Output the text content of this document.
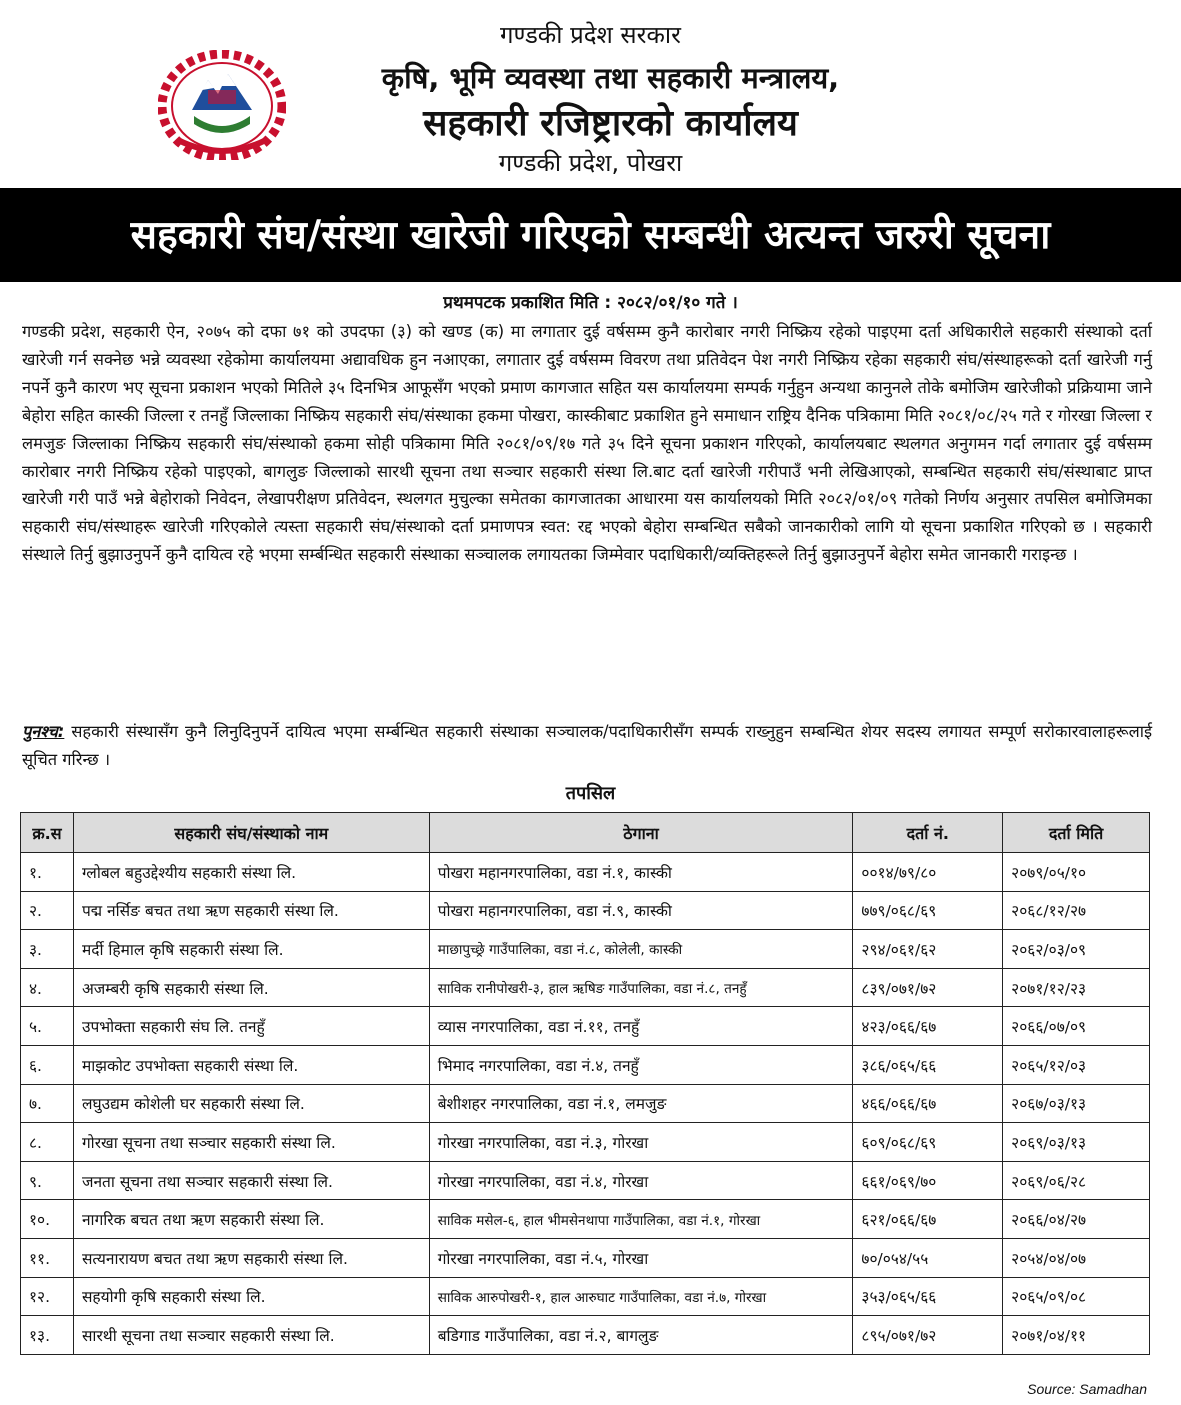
गण्डकी प्रदेश सरकार
कृषि, भूमि व्यवस्था तथा सहकारी मन्त्रालय,
सहकारी रजिष्ट्रारको कार्यालय
गण्डकी प्रदेश, पोखरा
सहकारी संघ/संस्था खारेजी गरिएको सम्बन्धी अत्यन्त जरुरी सूचना
प्रथमपटक प्रकाशित मिति : २०८२/०१/१० गते ।
गण्डकी प्रदेश, सहकारी ऐन, २०७५ को दफा ७१ को उपदफा (३) को खण्ड (क) मा लगातार दुई वर्षसम्म कुनै कारोबार नगरी निष्क्रिय रहेको पाइएमा दर्ता अधिकारीले सहकारी संस्थाको दर्ता खारेजी गर्न सक्नेछ भन्ने व्यवस्था रहेकोमा कार्यालयमा अद्यावधिक हुन नआएका, लगातार दुई वर्षसम्म विवरण तथा प्रतिवेदन पेश नगरी निष्क्रिय रहेका सहकारी संघ/संस्थाहरूको दर्ता खारेजी गर्नु नपर्ने कुनै कारण भए सूचना प्रकाशन भएको मितिले ३५ दिनभित्र आफूसँग भएको प्रमाण कागजात सहित यस कार्यालयमा सम्पर्क गर्नुहुन अन्यथा कानुनले तोके बमोजिम खारेजीको प्रक्रियामा जाने बेहोरा सहित कास्की जिल्ला र तनहुँ जिल्लाका निष्क्रिय सहकारी संघ/संस्थाका हकमा पोखरा, कास्कीबाट प्रकाशित हुने समाधान राष्ट्रिय दैनिक पत्रिकामा मिति २०८१/०८/२५ गते र गोरखा जिल्ला र लमजुङ जिल्लाका निष्क्रिय सहकारी संघ/संस्थाको हकमा सोही पत्रिकामा मिति २०८१/०९/१७ गते ३५ दिने सूचना प्रकाशन गरिएको, कार्यालयबाट स्थलगत अनुगमन गर्दा लगातार दुई वर्षसम्म कारोबार नगरी निष्क्रिय रहेको पाइएको, बागलुङ जिल्लाको सारथी सूचना तथा सञ्चार सहकारी संस्था लि.बाट दर्ता खारेजी गरीपाउँ भनी लेखिआएको, सम्बन्धित सहकारी संघ/संस्थाबाट प्राप्त खारेजी गरी पाउँ भन्ने बेहोराको निवेदन, लेखापरीक्षण प्रतिवेदन, स्थलगत मुचुल्का समेतका कागजातका आधारमा यस कार्यालयको मिति २०८२/०१/०९ गतेको निर्णय अनुसार तपसिल बमोजिमका सहकारी संघ/संस्थाहरू खारेजी गरिएकोले त्यस्ता सहकारी संघ/संस्थाको दर्ता प्रमाणपत्र स्वत: रद्द भएको बेहोरा सम्बन्धित सबैको जानकारीको लागि यो सूचना प्रकाशित गरिएको छ । सहकारी संस्थाले तिर्नु बुझाउनुपर्ने कुनै दायित्व रहे भएमा सर्म्बन्धित सहकारी संस्थाका सञ्चालक लगायतका जिम्मेवार पदाधिकारी/व्यक्तिहरूले तिर्नु बुझाउनुपर्ने बेहोरा समेत जानकारी गराइन्छ ।
पुनश्च: सहकारी संस्थासँग कुनै लिनुदिनुपर्ने दायित्व भएमा सर्म्बन्धित सहकारी संस्थाका सञ्चालक/पदाधिकारीसँग सम्पर्क राख्नुहुन सम्बन्धित शेयर सदस्य लगायत सम्पूर्ण सरोकारवालाहरूलाई सूचित गरिन्छ ।
तपसिल
क्र.स	सहकारी संघ/संस्थाको नाम	ठेगाना	दर्ता नं.	दर्ता मिति
१.	ग्लोबल बहुउद्देश्यीय सहकारी संस्था लि.	पोखरा महानगरपालिका, वडा नं.१, कास्की	००१४/७९/८०	२०७९/०५/१०
२.	पद्म नर्सिङ बचत तथा ऋण सहकारी संस्था लि.	पोखरा महानगरपालिका, वडा नं.९, कास्की	७७९/०६८/६९	२०६८/१२/२७
३.	मर्दी हिमाल कृषि सहकारी संस्था लि.	माछापुच्छ्रे गाउँपालिका, वडा नं.८, कोलेली, कास्की	२९४/०६१/६२	२०६२/०३/०९
४.	अजम्बरी कृषि सहकारी संस्था लि.	साविक रानीपोखरी-३, हाल ऋषिङ गाउँपालिका, वडा नं.८, तनहुँ	८३९/०७१/७२	२०७१/१२/२३
५.	उपभोक्ता सहकारी संघ लि. तनहुँ	व्यास नगरपालिका, वडा नं.११, तनहुँ	४२३/०६६/६७	२०६६/०७/०९
६.	माझकोट उपभोक्ता सहकारी संस्था लि.	भिमाद नगरपालिका, वडा नं.४, तनहुँ	३८६/०६५/६६	२०६५/१२/०३
७.	लघुउद्यम कोशेली घर सहकारी संस्था लि.	बेशीशहर नगरपालिका, वडा नं.१, लमजुङ	४६६/०६६/६७	२०६७/०३/१३
८.	गोरखा सूचना तथा सञ्चार सहकारी संस्था लि.	गोरखा नगरपालिका, वडा नं.३, गोरखा	६०९/०६८/६९	२०६९/०३/१३
९.	जनता सूचना तथा सञ्चार सहकारी संस्था लि.	गोरखा नगरपालिका, वडा नं.४, गोरखा	६६१/०६९/७०	२०६९/०६/२८
१०.	नागरिक बचत तथा ऋण सहकारी संस्था लि.	साविक मसेल-६, हाल भीमसेनथापा गाउँपालिका, वडा नं.१, गोरखा	६२१/०६६/६७	२०६६/०४/२७
११.	सत्यनारायण बचत तथा ऋण सहकारी संस्था लि.	गोरखा नगरपालिका, वडा नं.५, गोरखा	७०/०५४/५५	२०५४/०४/०७
१२.	सहयोगी कृषि सहकारी संस्था लि.	साविक आरुपोखरी-१, हाल आरुघाट गाउँपालिका, वडा नं.७, गोरखा	३५३/०६५/६६	२०६५/०९/०८
१३.	सारथी सूचना तथा सञ्चार सहकारी संस्था लि.	बडिगाड गाउँपालिका, वडा नं.२, बागलुङ	८९५/०७१/७२	२०७१/०४/११
Source: Samadhan
